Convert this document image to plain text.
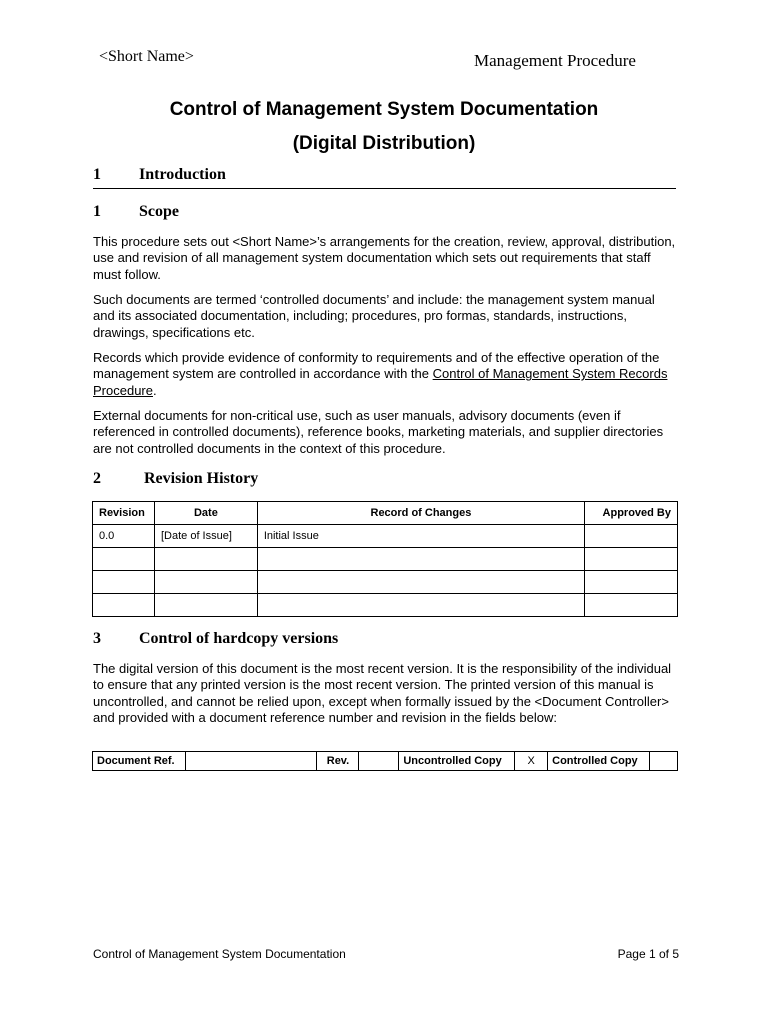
<Short Name>	Management Procedure
Control of Management System Documentation
(Digital Distribution)
1 Introduction
1 Scope
This procedure sets out <Short Name>’s arrangements for the creation, review, approval, distribution, use and revision of all management system documentation which sets out requirements that staff must follow.
Such documents are termed ‘controlled documents’ and include: the management system manual and its associated documentation, including; procedures, pro formas, standards, instructions, drawings, specifications etc.
Records which provide evidence of conformity to requirements and of the effective operation of the management system are controlled in accordance with the Control of Management System Records Procedure.
External documents for non-critical use, such as user manuals, advisory documents (even if referenced in controlled documents), reference books, marketing materials, and supplier directories are not controlled documents in the context of this procedure.
2	Revision History
Revision	Date	Record of Changes	Approved By
0.0	[Date of Issue]	Initial Issue	

3 Control of hardcopy versions
The digital version of this document is the most recent version. It is the responsibility of the individual to ensure that any printed version is the most recent version. The printed version of this manual is uncontrolled, and cannot be relied upon, except when formally issued by the <Document Controller> and provided with a document reference number and revision in the fields below:
Document Ref.		Rev.		Uncontrolled Copy	X	Controlled Copy	
Control of Management System Documentation	Page 1 of 5
